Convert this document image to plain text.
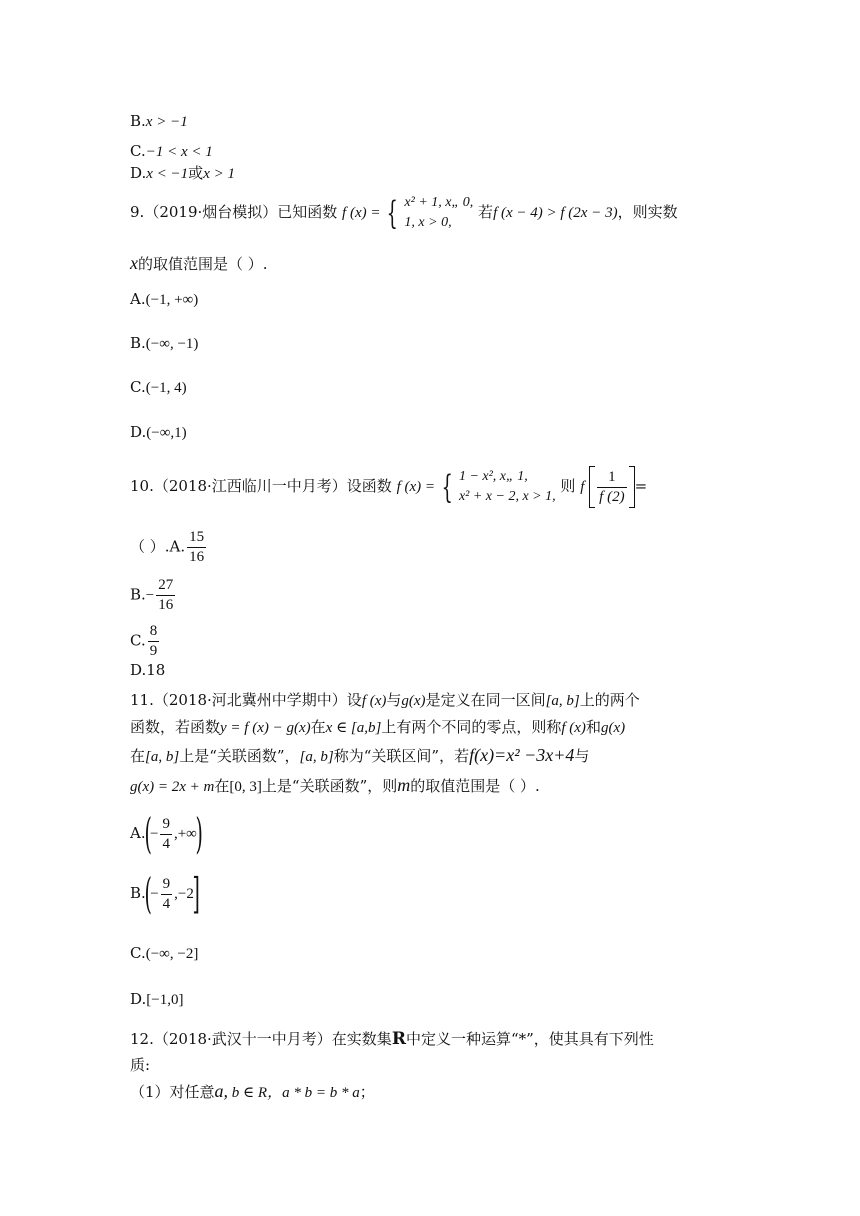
B.x > −1
C.−1 < x < 1
D.x < −1或x > 1
9.（2019·烟台模拟）已知函数 f (x) = { x² + 1, x„ 0,
1, x > 0,
若f (x − 4) > f (2x − 3)，则实数
x的取值范围是（ ）.
A.(−1, +∞)
B.(−∞, −1)
C.(−1, 4)
D.(−∞,1)
10.（2018·江西临川一中月考）设函数 f (x) = { 1 − x², x„ 1,
x² + x − 2, x > 1,
则 f $\frac{1}{f (2)}$ =
（ ）.A. $\frac{15}{16}$
$B.- \frac{27}{16}$
C. $\frac{8}{9}$
D.18
11.（2018·河北冀州中学期中）设f (x)与g(x)是定义在同一区间[a, b]上的两个
函数，若函数y = f (x) − g(x)在x ∈ [a,b]上有两个不同的零点，则称f (x)和g(x)
在[a, b]上是“关联函数”，[a, b]称为“关联区间”，若f(x)=x² −3x+4与
g(x) = 2x + m在[0, 3]上是“关联函数”，则m的取值范围是（ ）.
$A.(- \frac{9}{4}$ ,+∞)
$B.(- \frac{9}{4} ,-2]$
C.(−∞, −2]
D.[−1,0]
12.（2018·武汉十一中月考）在实数集R中定义一种运算“*”，使其具有下列性
质:
（1）对任意a, b ∈ R，a * b = b * a；
